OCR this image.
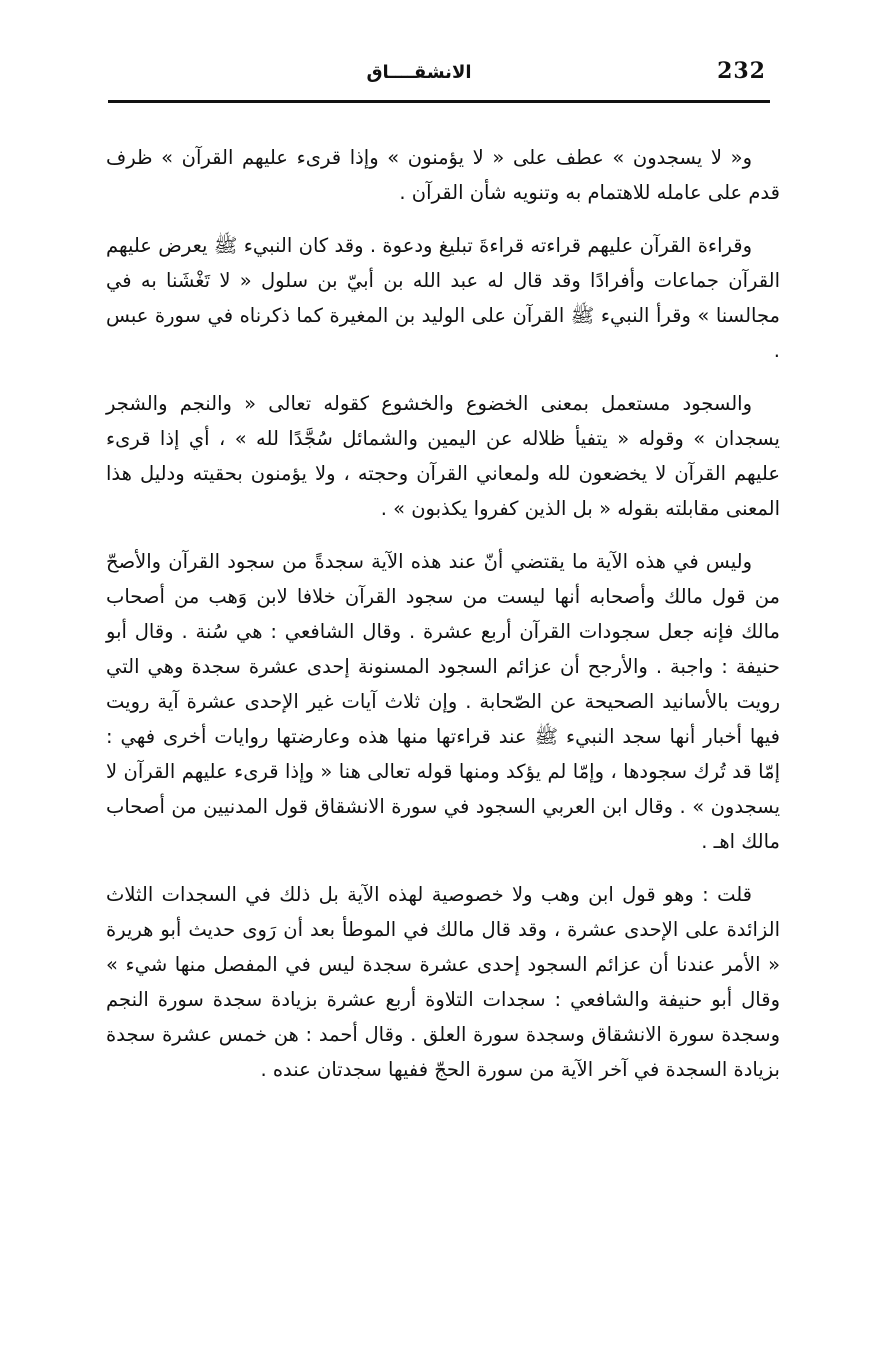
232
الانشقــــاق

و« لا يسجدون » عطف على « لا يؤمنون » وإذا قرىء عليهم القرآن » ظرف قدم على عامله للاهتمام به وتنويه شأن القرآن .

وقراءة القرآن عليهم قراءته قراءةَ تبليغ ودعوة . وقد كان النبيء ﷺ يعرض عليهم القرآن جماعات وأفرادًا وقد قال له عبد الله بن أبيّ بن سلول « لا تَغْشَنا به في مجالسنا » وقرأ النبيء ﷺ القرآن على الوليد بن المغيرة كما ذكرناه في سورة عبس .

والسجود مستعمل بمعنى الخضوع والخشوع كقوله تعالى « والنجم والشجر يسجدان » وقوله « يتفيأ ظلاله عن اليمين والشمائل سُجَّدًا لله » ، أي إذا قرىء عليهم القرآن لا يخضعون لله ولمعاني القرآن وحجته ، ولا يؤمنون بحقيته ودليل هذا المعنى مقابلته بقوله « بل الذين كفروا يكذبون » .

وليس في هذه الآية ما يقتضي أنّ عند هذه الآية سجدةً من سجود القرآن والأصحّ من قول مالك وأصحابه أنها ليست من سجود القرآن خلافا لابن وَهب من أصحاب مالك فإنه جعل سجودات القرآن أربع عشرة . وقال الشافعي : هي سُنة . وقال أبو حنيفة : واجبة . والأرجح أن عزائم السجود المسنونة إحدى عشرة سجدة وهي التي رويت بالأسانيد الصحيحة عن الصّحابة . وإن ثلاث آيات غير الإحدى عشرة آية رويت فيها أخبار أنها سجد النبيء ﷺ عند قراءتها منها هذه وعارضتها روايات أخرى فهي : إمّا قد تُرك سجودها ، وإمّا لم يؤكد ومنها قوله تعالى هنا « وإذا قرىء عليهم القرآن لا يسجدون » . وقال ابن العربي السجود في سورة الانشقاق قول المدنيين من أصحاب مالك اهـ .

قلت : وهو قول ابن وهب ولا خصوصية لهذه الآية بل ذلك في السجدات الثلاث الزائدة على الإحدى عشرة ، وقد قال مالك في الموطأ بعد أن رَوى حديث أبو هريرة « الأمر عندنا أن عزائم السجود إحدى عشرة سجدة ليس في المفصل منها شيء » وقال أبو حنيفة والشافعي : سجدات التلاوة أربع عشرة بزيادة سجدة سورة النجم وسجدة سورة الانشقاق وسجدة سورة العلق . وقال أحمد : هن خمس عشرة سجدة بزيادة السجدة في آخر الآية من سورة الحجّ ففيها سجدتان عنده .
